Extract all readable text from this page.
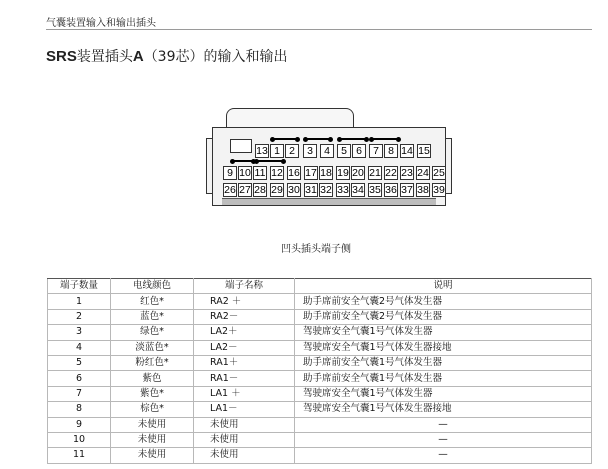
气囊装置输入和输出插头
SRS装置插头A（39芯）的输入和输出
13 1 2	3	4	5 6	7 8 14 15
9 10 11 12 16 17 18 19 20 21 22 23 24 25
26 27 28 29 30 31 32 33 34 35 36 37 38 39
凹头插头端子侧
端子数量	电线颜色	端子名称	说明
1	红色*	RA2 ＋	助手席前安全气囊2号气体发生器
2	蓝色*	RA2－	助手席前安全气囊2号气体发生器
3	绿色*	LA2＋	驾驶席安全气囊1号气体发生器
4	淡蓝色*	LA2－	驾驶席安全气囊1号气体发生器接地
5	粉红色*	RA1＋	助手席前安全气囊1号气体发生器
6	紫色	RA1－	助手席前安全气囊1号气体发生器
7	紫色*	LA1 ＋	驾驶席安全气囊1号气体发生器
8	棕色*	LA1－	驾驶席安全气囊1号气体发生器接地
9	未使用	未使用	—
10	未使用	未使用	—
11	未使用	未使用	—
